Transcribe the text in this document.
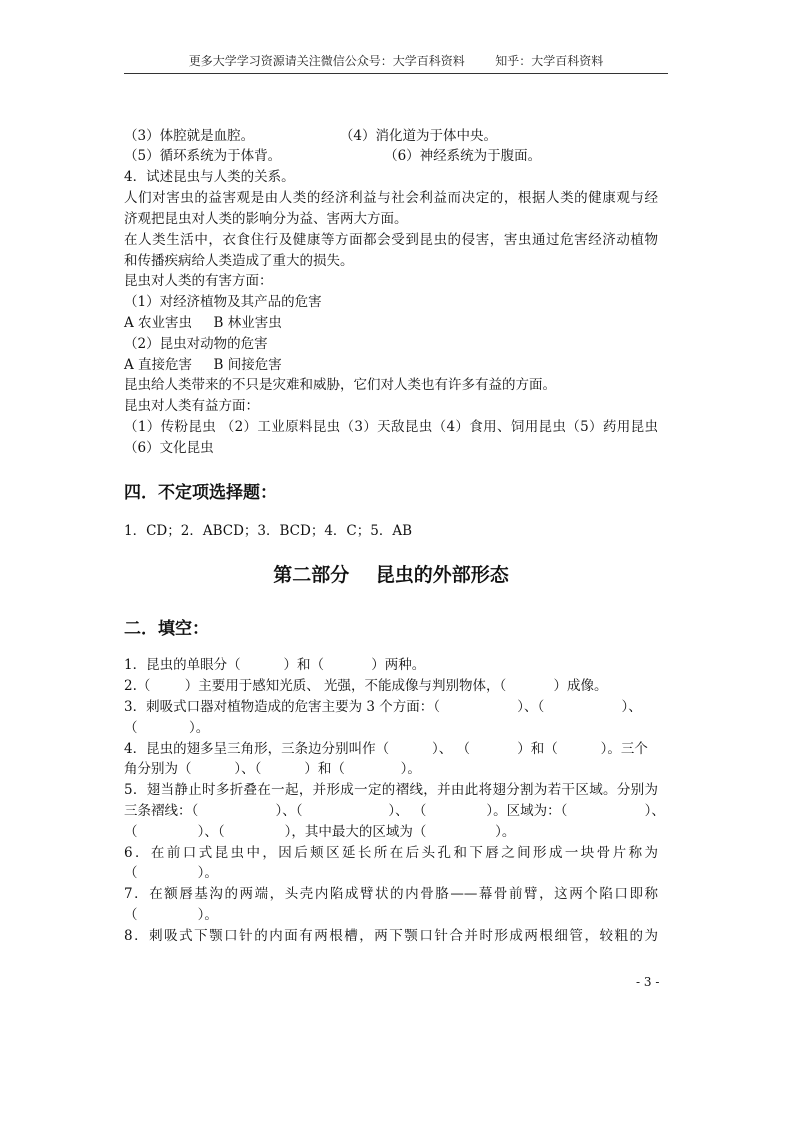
更多大学学习资源请关注微信公众号：大学百科资料        知乎：大学百科资料
（3）体腔就是血腔。                    （4）消化道为于体中央。
（5）循环系统为于体背。                        （6）神经系统为于腹面。
4．试述昆虫与人类的关系。
人们对害虫的益害观是由人类的经济利益与社会利益而决定的，根据人类的健康观与经
济观把昆虫对人类的影响分为益、害两大方面。
在人类生活中，衣食住行及健康等方面都会受到昆虫的侵害，害虫通过危害经济动植物
和传播疾病给人类造成了重大的损失。
昆虫对人类的有害方面：
（1）对经济植物及其产品的危害
A 农业害虫     B 林业害虫
（2）昆虫对动物的危害
A 直接危害     B 间接危害
昆虫给人类带来的不只是灾难和威胁，它们对人类也有许多有益的方面。
昆虫对人类有益方面：
（1）传粉昆虫 （2）工业原料昆虫（3）天敌昆虫（4）食用、饲用昆虫（5）药用昆虫
（6）文化昆虫
四．不定项选择题：
1．CD；2．ABCD；3．BCD；4．C；5．AB
第二部分    昆虫的外部形态
二．填空：
1．昆虫的单眼分（          ）和（           ）两种。
2.（        ）主要用于感知光质、 光强，不能成像与判别物体，（           ）成像。
3．刺吸式口器对植物造成的危害主要为 3 个方面：（                  ）、（                  ）、
（            ）。
4．昆虫的翅多呈三角形，三条边分别叫作（          ）、 （           ）和（          ）。三个
角分别为（          ）、（          ）和（             ）。
5．翅当静止时多折叠在一起，并形成一定的褶线，并由此将翅分割为若干区域。分别为
三条褶线：（                  ）、（                    ）、 （              ）。区域为：（                  ）、
（              ）、（              ），其中最大的区域为（                ）。
6．在前口式昆虫中，因后颊区延长所在后头孔和下唇之间形成一块骨片称为
（              ）。
7．在额唇基沟的两端，头壳内陷成臂状的内骨胳——幕骨前臂，这两个陷口即称
（              ）。
8．刺吸式下颚口针的内面有两根槽，两下颚口针合并时形成两根细管，较粗的为
- 3 -
